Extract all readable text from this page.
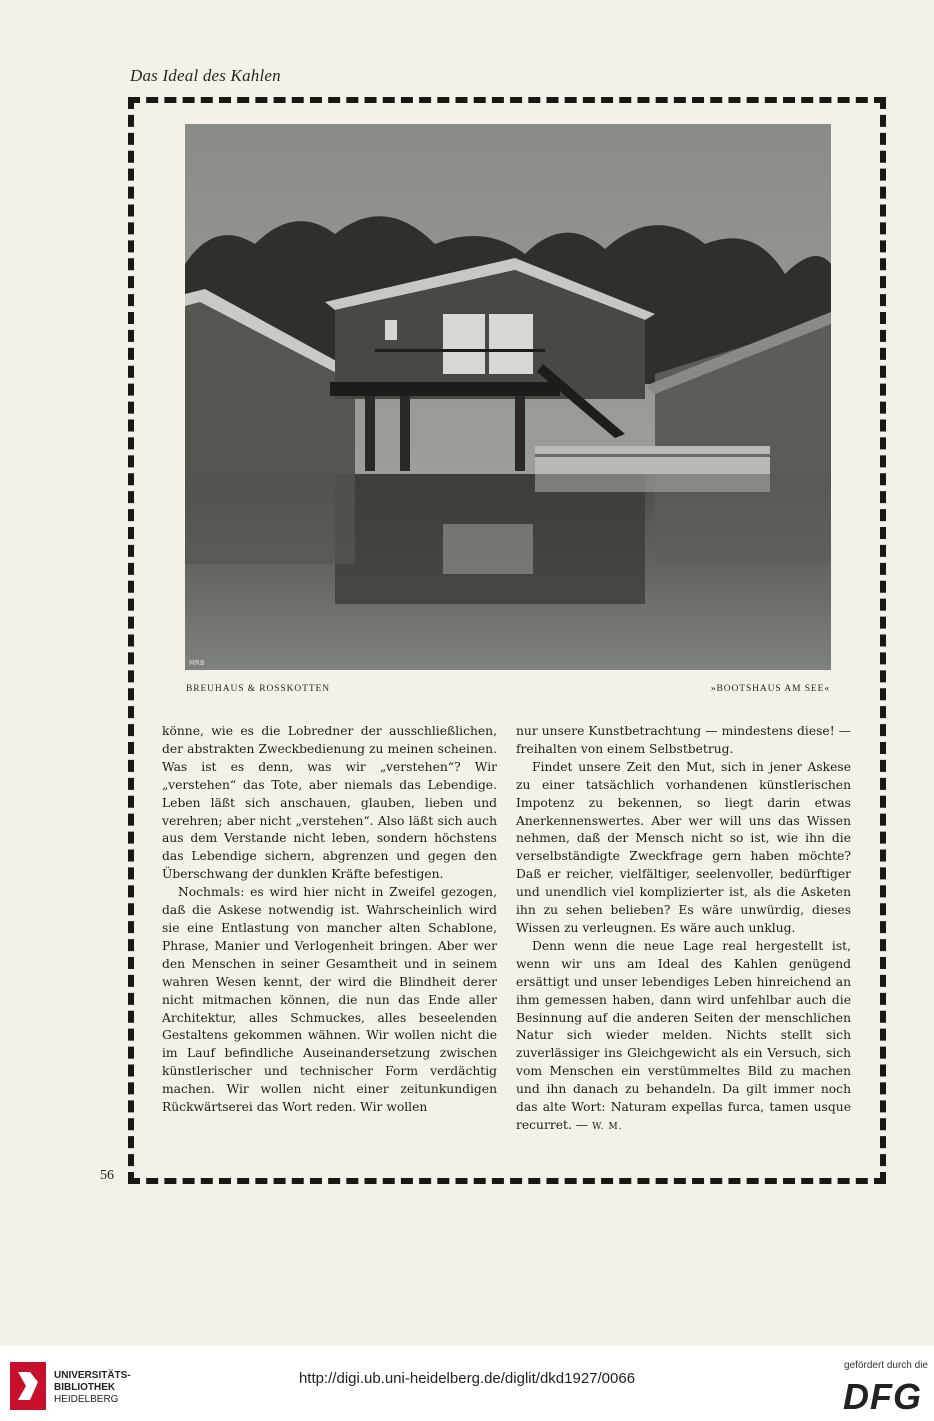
Das Ideal des Kahlen
MRB
BREUHAUS & ROSSKOTTEN	»BOOTSHAUS AM SEE«

könne, wie es die Lobredner der ausschließlichen, der abstrakten Zweckbedienung zu meinen scheinen. Was ist es denn, was wir „verstehen“? Wir „verstehen“ das Tote, aber niemals das Lebendige. Leben läßt sich anschauen, glauben, lieben und verehren; aber nicht „verstehen“. Also läßt sich auch aus dem Verstande nicht leben, sondern höchstens das Lebendige sichern, abgrenzen und gegen den Überschwang der dunklen Kräfte befestigen.

Nochmals: es wird hier nicht in Zweifel gezogen, daß die Askese notwendig ist. Wahrscheinlich wird sie eine Entlastung von mancher alten Schablone, Phrase, Manier und Verlogenheit bringen. Aber wer den Menschen in seiner Gesamtheit und in seinem wahren Wesen kennt, der wird die Blindheit derer nicht mitmachen können, die nun das Ende aller Architektur, alles Schmuckes, alles beseelenden Gestaltens gekommen wähnen. Wir wollen nicht die im Lauf befindliche Auseinandersetzung zwischen künstlerischer und technischer Form verdächtig machen. Wir wollen nicht einer zeitunkundigen Rückwärtserei das Wort reden. Wir wollen

nur unsere Kunstbetrachtung — mindestens diese! — freihalten von einem Selbstbetrug.

Findet unsere Zeit den Mut, sich in jener Askese zu einer tatsächlich vorhandenen künstlerischen Impotenz zu bekennen, so liegt darin etwas Anerkennenswertes. Aber wer will uns das Wissen nehmen, daß der Mensch nicht so ist, wie ihn die verselbständigte Zweckfrage gern haben möchte? Daß er reicher, vielfältiger, seelenvoller, bedürftiger und unendlich viel komplizierter ist, als die Asketen ihn zu sehen belieben? Es wäre unwürdig, dieses Wissen zu verleugnen. Es wäre auch unklug.

Denn wenn die neue Lage real hergestellt ist, wenn wir uns am Ideal des Kahlen genügend ersättigt und unser lebendiges Leben hinreichend an ihm gemessen haben, dann wird unfehlbar auch die Besinnung auf die anderen Seiten der menschlichen Natur sich wieder melden. Nichts stellt sich zuverlässiger ins Gleichgewicht als ein Versuch, sich vom Menschen ein verstümmeltes Bild zu machen und ihn danach zu behandeln. Da gilt immer noch das alte Wort: Naturam expellas furca, tamen usque recurret. — W. M.

56
UNIVERSITÄTS-
BIBLIOTHEK
HEIDELBERG
http://digi.ub.uni-heidelberg.de/diglit/dkd1927/0066
gefördert durch die
DFG
